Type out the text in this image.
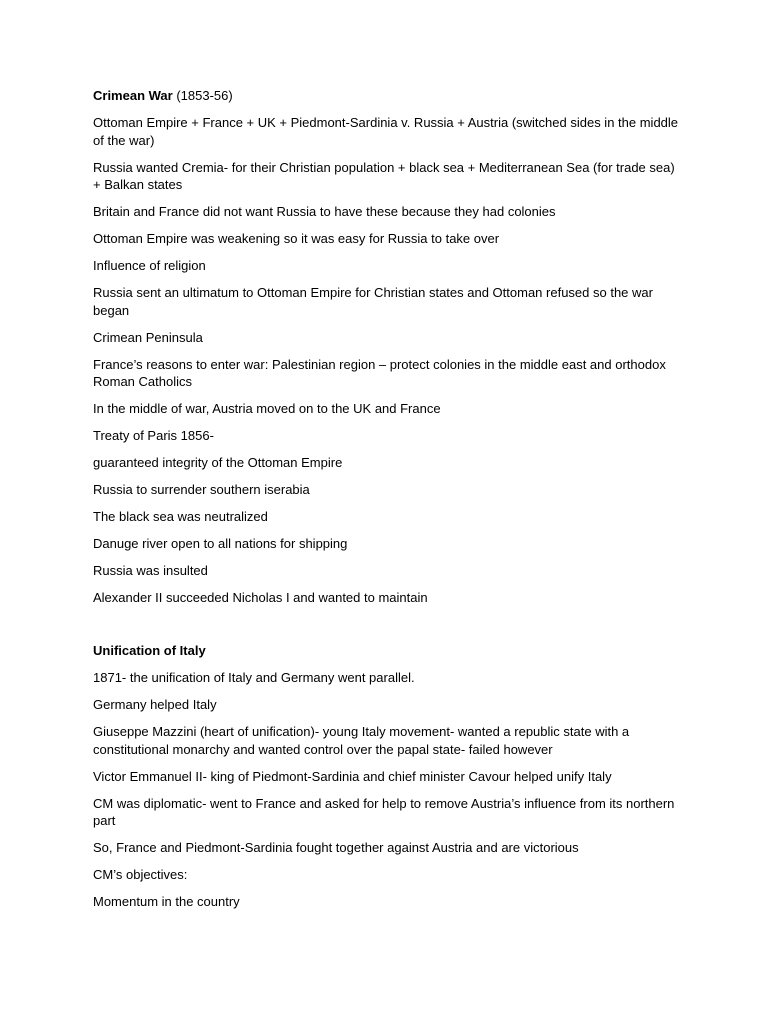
Crimean War (1853-56)

Ottoman Empire + France + UK + Piedmont-Sardinia v. Russia + Austria (switched sides in the middle of the war)

Russia wanted Cremia- for their Christian population + black sea + Mediterranean Sea (for trade sea) + Balkan states

Britain and France did not want Russia to have these because they had colonies

Ottoman Empire was weakening so it was easy for Russia to take over

Influence of religion

Russia sent an ultimatum to Ottoman Empire for Christian states and Ottoman refused so the war began

Crimean Peninsula

France’s reasons to enter war: Palestinian region – protect colonies in the middle east and orthodox Roman Catholics

In the middle of war, Austria moved on to the UK and France

Treaty of Paris 1856-

guaranteed integrity of the Ottoman Empire

Russia to surrender southern iserabia

The black sea was neutralized

Danuge river open to all nations for shipping

Russia was insulted

Alexander II succeeded Nicholas I and wanted to maintain

Unification of Italy

1871- the unification of Italy and Germany went parallel.

Germany helped Italy

Giuseppe Mazzini (heart of unification)- young Italy movement- wanted a republic state with a constitutional monarchy and wanted control over the papal state- failed however

Victor Emmanuel II- king of Piedmont-Sardinia and chief minister Cavour helped unify Italy

CM was diplomatic- went to France and asked for help to remove Austria’s influence from its northern part

So, France and Piedmont-Sardinia fought together against Austria and are victorious

CM’s objectives:

Momentum in the country
